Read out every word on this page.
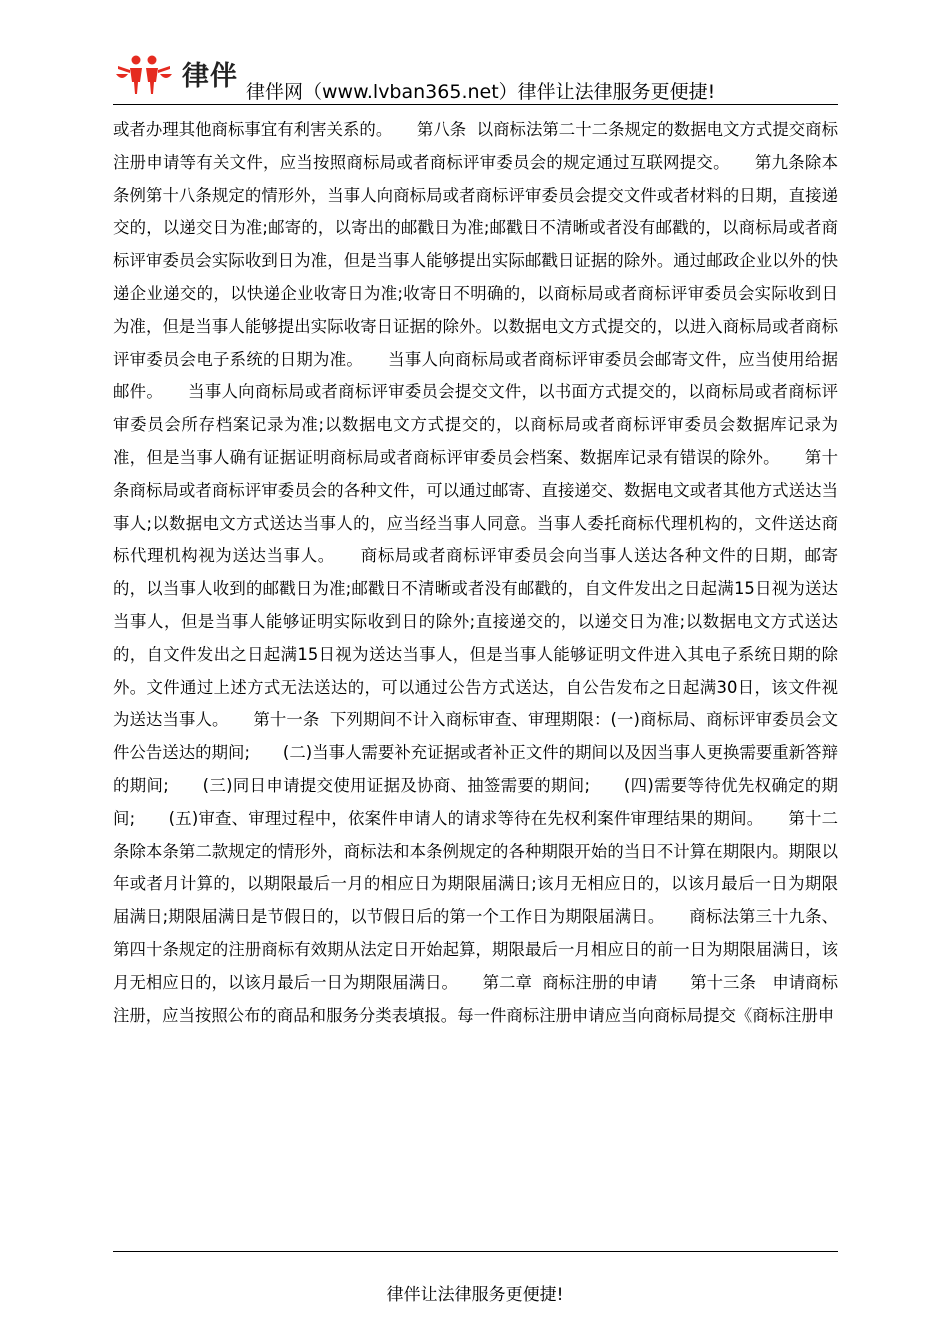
律伴 律伴网（www.lvban365.net）律伴让法律服务更便捷!

或者办理其他商标事宜有利害关系的。　　第八条  以商标法第二十二条规定的数据电文方式提交商标注册申请等有关文件，应当按照商标局或者商标评审委员会的规定通过互联网提交。　　第九条除本条例第十八条规定的情形外，当事人向商标局或者商标评审委员会提交文件或者材料的日期，直接递交的，以递交日为准;邮寄的，以寄出的邮戳日为准;邮戳日不清晰或者没有邮戳的，以商标局或者商标评审委员会实际收到日为准，但是当事人能够提出实际邮戳日证据的除外。通过邮政企业以外的快递企业递交的，以快递企业收寄日为准;收寄日不明确的，以商标局或者商标评审委员会实际收到日为准，但是当事人能够提出实际收寄日证据的除外。以数据电文方式提交的，以进入商标局或者商标评审委员会电子系统的日期为准。　　当事人向商标局或者商标评审委员会邮寄文件，应当使用给据邮件。　　当事人向商标局或者商标评审委员会提交文件，以书面方式提交的，以商标局或者商标评审委员会所存档案记录为准;以数据电文方式提交的，以商标局或者商标评审委员会数据库记录为准，但是当事人确有证据证明商标局或者商标评审委员会档案、数据库记录有错误的除外。　　第十条商标局或者商标评审委员会的各种文件，可以通过邮寄、直接递交、数据电文或者其他方式送达当事人;以数据电文方式送达当事人的，应当经当事人同意。当事人委托商标代理机构的，文件送达商标代理机构视为送达当事人。　　商标局或者商标评审委员会向当事人送达各种文件的日期，邮寄的，以当事人收到的邮戳日为准;邮戳日不清晰或者没有邮戳的，自文件发出之日起满15日视为送达当事人，但是当事人能够证明实际收到日的除外;直接递交的，以递交日为准;以数据电文方式送达的，自文件发出之日起满15日视为送达当事人，但是当事人能够证明文件进入其电子系统日期的除外。文件通过上述方式无法送达的，可以通过公告方式送达，自公告发布之日起满30日，该文件视为送达当事人。　　第十一条  下列期间不计入商标审查、审理期限：(一)商标局、商标评审委员会文件公告送达的期间;　　(二)当事人需要补充证据或者补正文件的期间以及因当事人更换需要重新答辩的期间;　　(三)同日申请提交使用证据及协商、抽签需要的期间;　　(四)需要等待优先权确定的期间;　　(五)审查、审理过程中，依案件申请人的请求等待在先权利案件审理结果的期间。　　第十二条除本条第二款规定的情形外，商标法和本条例规定的各种期限开始的当日不计算在期限内。期限以年或者月计算的，以期限最后一月的相应日为期限届满日;该月无相应日的，以该月最后一日为期限届满日;期限届满日是节假日的，以节假日后的第一个工作日为期限届满日。　　商标法第三十九条、第四十条规定的注册商标有效期从法定日开始起算，期限最后一月相应日的前一日为期限届满日，该月无相应日的，以该月最后一日为期限届满日。　　第二章  商标注册的申请　　第十三条　申请商标注册，应当按照公布的商品和服务分类表填报。每一件商标注册申请应当向商标局提交《商标注册申

律伴让法律服务更便捷!
